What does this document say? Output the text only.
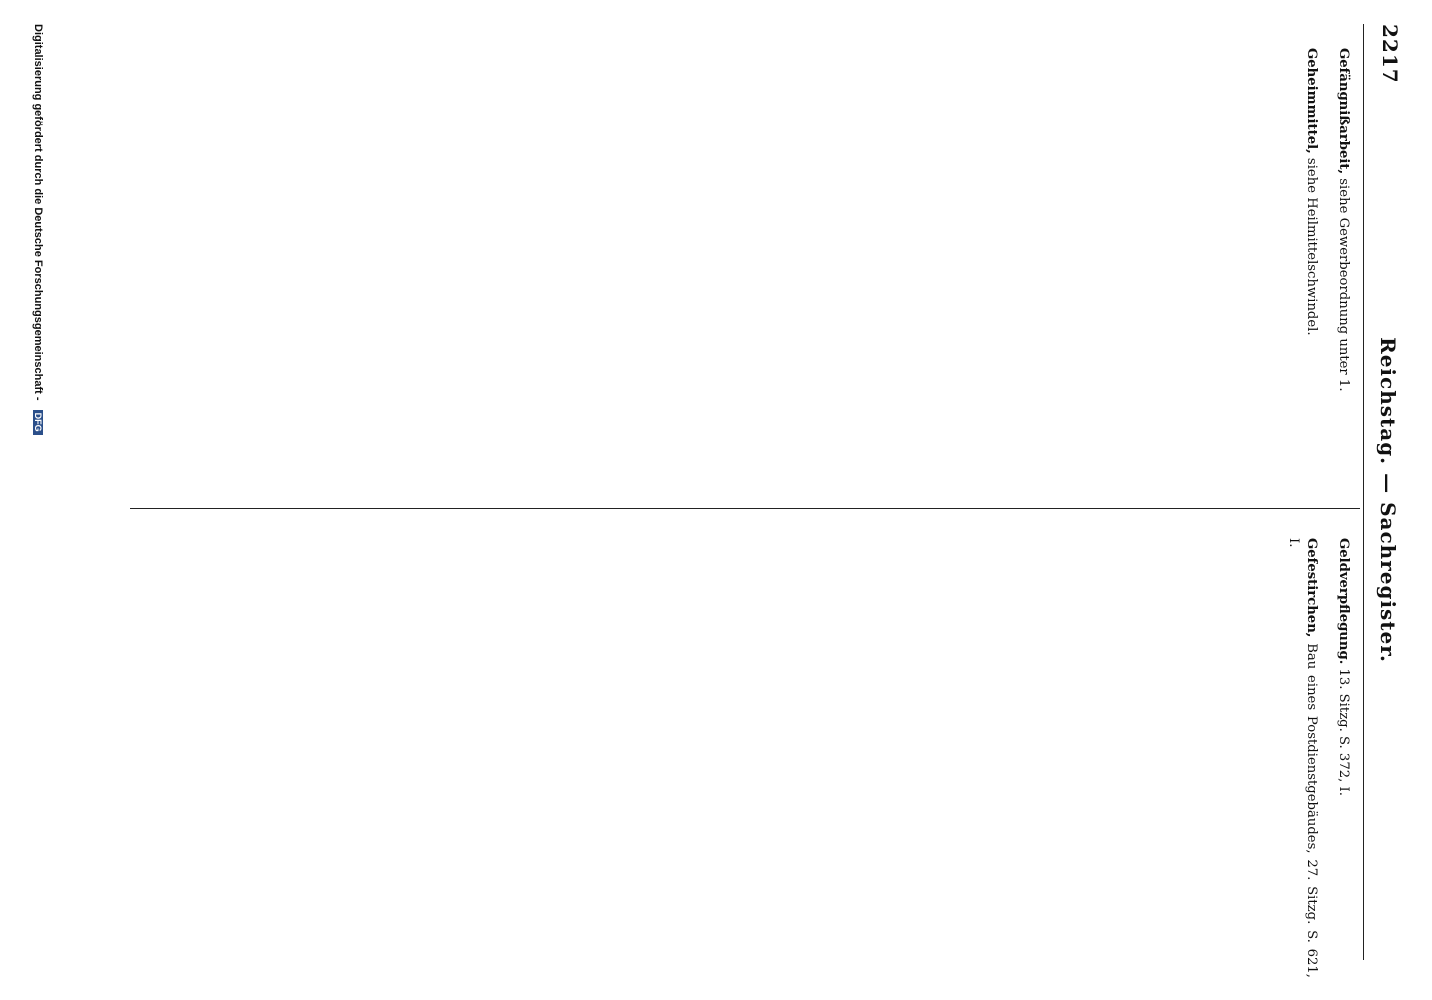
2217
Reichstag. — Sachregister.
Gefängnißarbeit, siehe Gewerbeordnung unter 1.
Geheimmittel, siehe Heilmittelschwindel.
Geldverpflegung. 13. Sitzg. S. 372, I.
Gefestirchen, Bau eines Postdienstgebäudes, 27. Sitzg. S. 621, I.
Digitalisierung gefördert durch die Deutsche Forschungsgemeinschaft - DFG
